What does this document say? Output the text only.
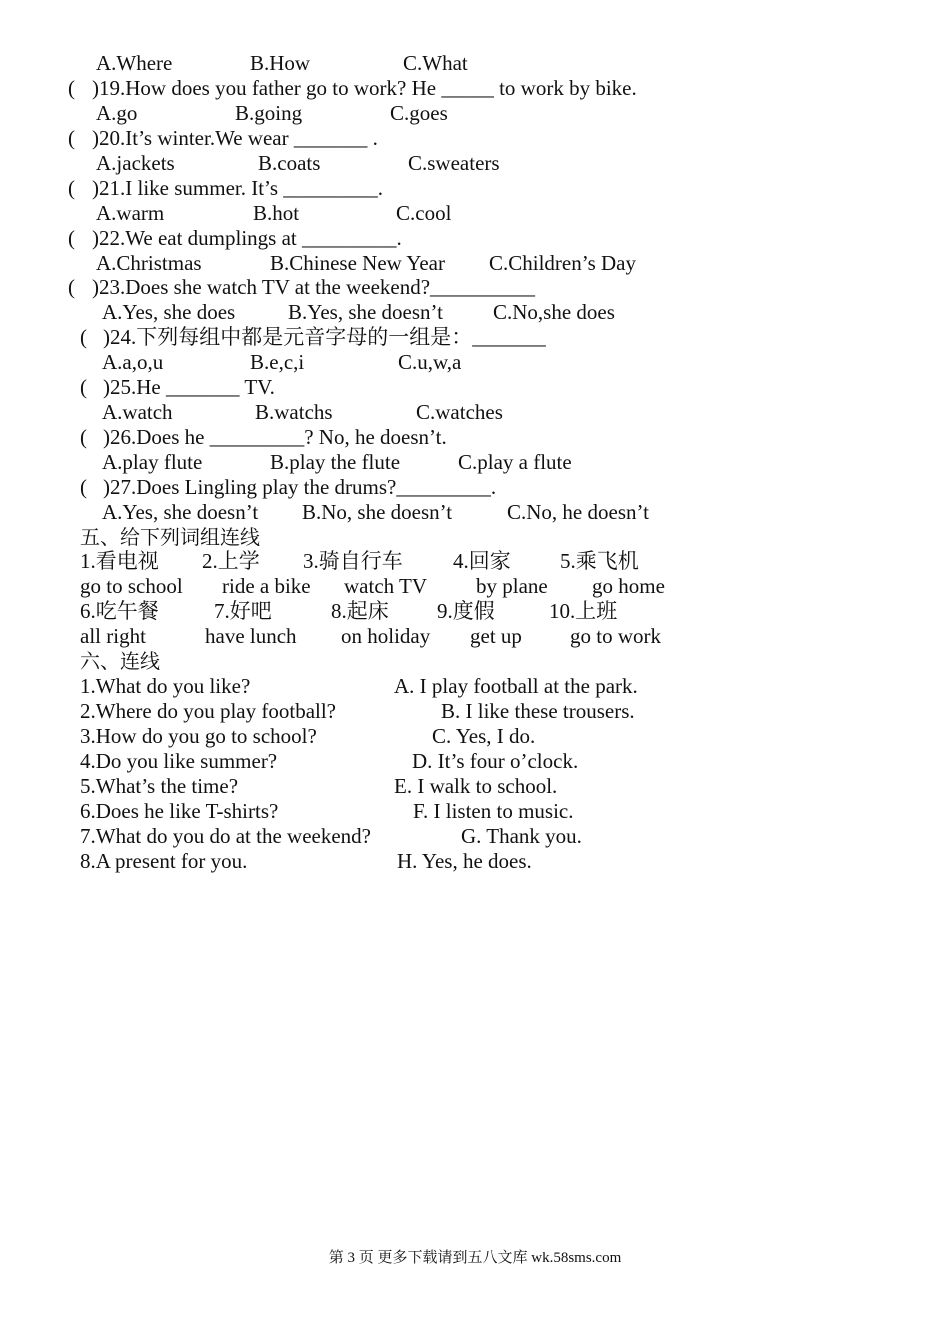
A.Where	B.How	C.What
( )19.How does you father go to work? He _____ to work by bike.
A.go	B.going	C.goes
( )20.It’s winter.We wear _______ .
A.jackets	B.coats	C.sweaters
( )21.I like summer. It’s _________.
A.warm	B.hot	C.cool
( )22.We eat dumplings at _________.
A.Christmas	B.Chinese New Year C.Children’s Day
( )23.Does she watch TV at the weekend?__________
A.Yes, she does	B.Yes, she doesn’t C.No,she does
( )24.下列每组中都是元音字母的一组是：_______
A.a,o,u	B.e,c,i	C.u,w,a
( )25.He _______ TV.
A.watch	B.watchs	C.watches
( )26.Does he _________? No, he doesn’t.
A.play flute	B.play the flute	C.play a flute
( )27.Does Lingling play the drums?_________.
A.Yes, she doesn’t B.No, she doesn’t	C.No, he doesn’t
五、给下列词组连线
1.看电视 2.上学 3.骑自行车 4.回家 5.乘飞机
go to school ride a bike watch TV by plane go home
6.吃午餐	7.好吧	8.起床 9.度假	10.上班
all right	have lunch on holiday get up go to work
六、连线
1.What do you like?	A. I play football at the park.
2.Where do you play football?	B. I like these trousers.
3.How do you go to school?	C. Yes, I do.
4.Do you like summer?	D. It’s four o’clock.
5.What’s the time?	E. I walk to school.
6.Does he like T-shirts?	F. I listen to music.
7.What do you do at the weekend?	G. Thank you.
8.A present for you.	H. Yes, he does.
第 3 页 更多下载请到五八文库 wk.58sms.com
